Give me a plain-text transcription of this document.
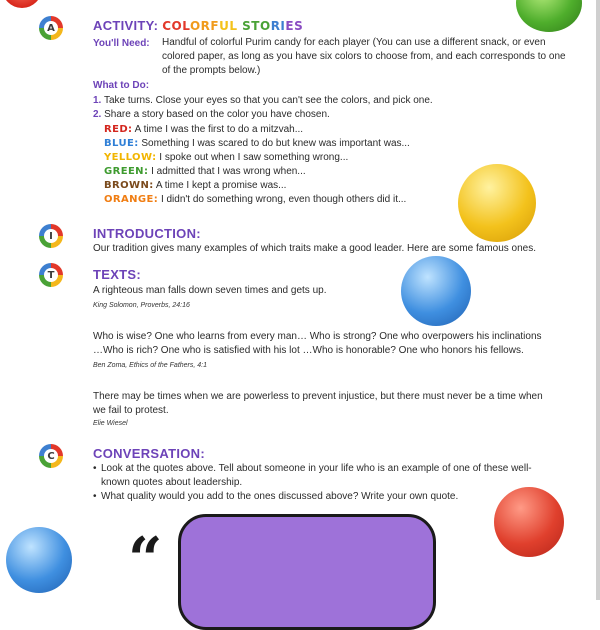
A
I
T
C
ACTIVITY: COLORFUL STORIES
You'll Need: Handful of colorful Purim candy for each player (You can use a different snack, or even colored paper, as long as you have six colors to choose from, and each corresponds to one of the prompts below.)
What to Do:
1. Take turns. Close your eyes so that you can't see the colors, and pick one.
2. Share a story based on the color you have chosen.
RED: A time I was the first to do a mitzvah...
BLUE: Something I was scared to do but knew was important was...
YELLOW: I spoke out when I saw something wrong...
GREEN: I admitted that I was wrong when...
BROWN: A time I kept a promise was...
ORANGE: I didn't do something wrong, even though others did it...
INTRODUCTION:
Our tradition gives many examples of which traits make a good leader. Here are some famous ones.
TEXTS:
A righteous man falls down seven times and gets up.
King Solomon, Proverbs, 24:16
Who is wise? One who learns from every man… Who is strong? One who overpowers his inclinations …Who is rich? One who is satisfied with his lot …Who is honorable? One who honors his fellows.
Ben Zoma, Ethics of the Fathers, 4:1
There may be times when we are powerless to prevent injustice, but there must never be a time when we fail to protest.
Elie Wiesel
CONVERSATION:
• Look at the quotes above. Tell about someone in your life who is an example of one of these well-known quotes about leadership.
• What quality would you add to the ones discussed above? Write your own quote.
“
